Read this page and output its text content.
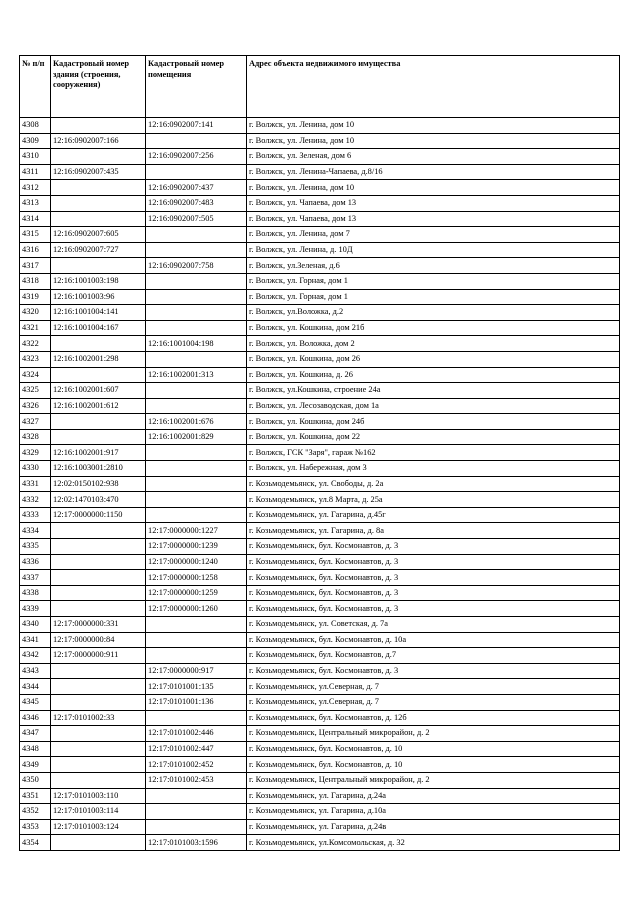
№ п/п	Кадастровый номер здания (строения, сооружения)	Кадастровый номер помещения	Адрес объекта недвижимого имущества
4308		12:16:0902007:141	г. Волжск, ул. Ленина, дом 10
4309	12:16:0902007:166		г. Волжск, ул. Ленина, дом 10
4310		12:16:0902007:256	г. Волжск, ул. Зеленая, дом 6
4311	12:16:0902007:435		г. Волжск, ул. Ленина-Чапаева, д.8/16
4312		12:16:0902007:437	г. Волжск, ул. Ленина, дом 10
4313		12:16:0902007:483	г. Волжск, ул. Чапаева, дом 13
4314		12:16:0902007:505	г. Волжск, ул. Чапаева, дом 13
4315	12:16:0902007:605		г. Волжск, ул. Ленина, дом 7
4316	12:16:0902007:727		г. Волжск, ул. Ленина, д. 10Д
4317		12:16:0902007:758	г. Волжск, ул.Зеленая, д.6
4318	12:16:1001003:198		г. Волжск, ул. Горная, дом 1
4319	12:16:1001003:96		г. Волжск, ул. Горная, дом 1
4320	12:16:1001004:141		г. Волжск, ул.Воложка, д.2
4321	12:16:1001004:167		г. Волжск, ул. Кошкина, дом 21б
4322		12:16:1001004:198	г. Волжск, ул. Воложка, дом 2
4323	12:16:1002001:298		г. Волжск, ул. Кошкина, дом 26
4324		12:16:1002001:313	г. Волжск, ул. Кошкина, д. 26
4325	12:16:1002001:607		г. Волжск, ул.Кошкина, строение 24а
4326	12:16:1002001:612		г. Волжск, ул. Лесозаводская, дом 1а
4327		12:16:1002001:676	г. Волжск, ул. Кошкина, дом 24б
4328		12:16:1002001:829	г. Волжск, ул. Кошкина, дом 22
4329	12:16:1002001:917		г. Волжск, ГСК "Заря", гараж №162
4330	12:16:1003001:2810		г. Волжск, ул. Набережная, дом 3
4331	12:02:0150102:938		г. Козьмодемьянск, ул. Свободы, д. 2а
4332	12:02:1470103:470		г. Козьмодемьянск, ул.8 Марта, д. 25а
4333	12:17:0000000:1150		г. Козьмодемьянск, ул. Гагарина, д.45г
4334		12:17:0000000:1227	г. Козьмодемьянск, ул. Гагарина, д. 8а
4335		12:17:0000000:1239	г. Козьмодемьянск, бул. Космонавтов, д. 3
4336		12:17:0000000:1240	г. Козьмодемьянск, бул. Космонавтов, д. 3
4337		12:17:0000000:1258	г. Козьмодемьянск, бул. Космонавтов, д. 3
4338		12:17:0000000:1259	г. Козьмодемьянск, бул. Космонавтов, д. 3
4339		12:17:0000000:1260	г. Козьмодемьянск, бул. Космонавтов, д. 3
4340	12:17:0000000:331		г. Козьмодемьянск, ул. Советская, д. 7а
4341	12:17:0000000:84		г. Козьмодемьянск, бул. Космонавтов, д. 10а
4342	12:17:0000000:911		г. Козьмодемьянск, бул. Космонавтов, д.7
4343		12:17:0000000:917	г. Козьмодемьянск, бул. Космонавтов, д. 3
4344		12:17:0101001:135	г. Козьмодемьянск, ул.Северная, д. 7
4345		12:17:0101001:136	г. Козьмодемьянск, ул.Северная, д. 7
4346	12:17:0101002:33		г. Козьмодемьянск, бул. Космонавтов, д. 12б
4347		12:17:0101002:446	г. Козьмодемьянск, Центральный микрорайон, д. 2
4348		12:17:0101002:447	г. Козьмодемьянск, бул. Космонавтов, д. 10
4349		12:17:0101002:452	г. Козьмодемьянск, бул. Космонавтов, д. 10
4350		12:17:0101002:453	г. Козьмодемьянск, Центральный микрорайон, д. 2
4351	12:17:0101003:110		г. Козьмодемьянск, ул. Гагарина, д.24а
4352	12:17:0101003:114		г. Козьмодемьянск, ул. Гагарина, д.10а
4353	12:17:0101003:124		г. Козьмодемьянск, ул. Гагарина, д.24в
4354		12:17:0101003:1596	г. Козьмодемьянск, ул.Комсомольская, д. 32
